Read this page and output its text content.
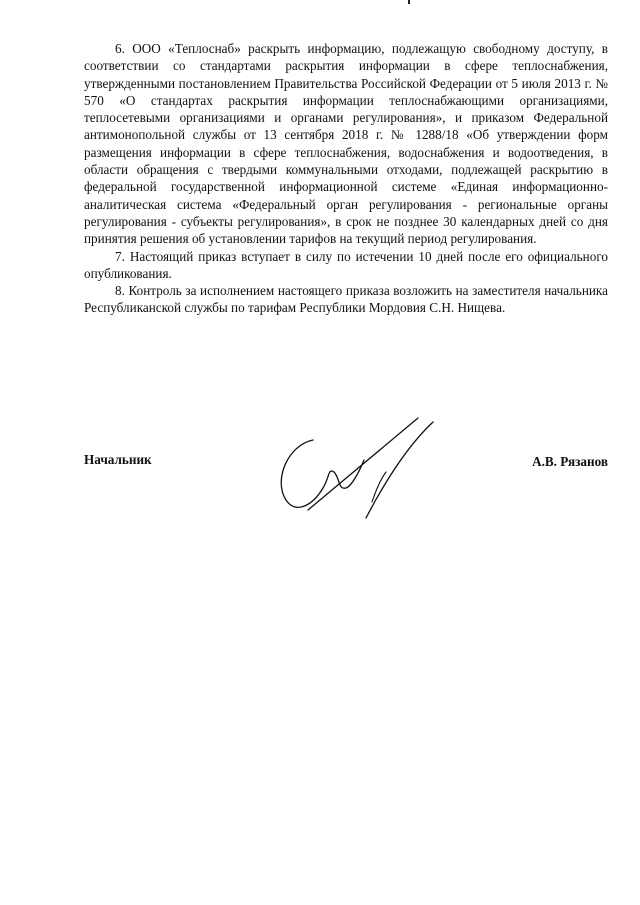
6. ООО «Теплоснаб» раскрыть информацию, подлежащую свободному доступу, в соответствии со стандартами раскрытия информации в сфере теплоснабжения, утвержденными постановлением Правительства Российской Федерации от 5 июля 2013 г. № 570 «О стандартах раскрытия информации теплоснабжающими организациями, теплосетевыми организациями и органами регулирования», и приказом Федеральной антимонопольной службы от 13 сентября 2018 г. № 1288/18 «Об утверждении форм размещения информации в сфере теплоснабжения, водоснабжения и водоотведения, в области обращения с твердыми коммунальными отходами, подлежащей раскрытию в федеральной государственной информационной системе «Единая информационно-аналитическая система «Федеральный орган регулирования - региональные органы регулирования - субъекты регулирования», в срок не позднее 30 календарных дней со дня принятия решения об установлении тарифов на текущий период регулирования.

7. Настоящий приказ вступает в силу по истечении 10 дней после его официального опубликования.

8. Контроль за исполнением настоящего приказа возложить на заместителя начальника Республиканской службы по тарифам Республики Мордовия С.Н. Нищева.

Начальник	А.В. Рязанов
